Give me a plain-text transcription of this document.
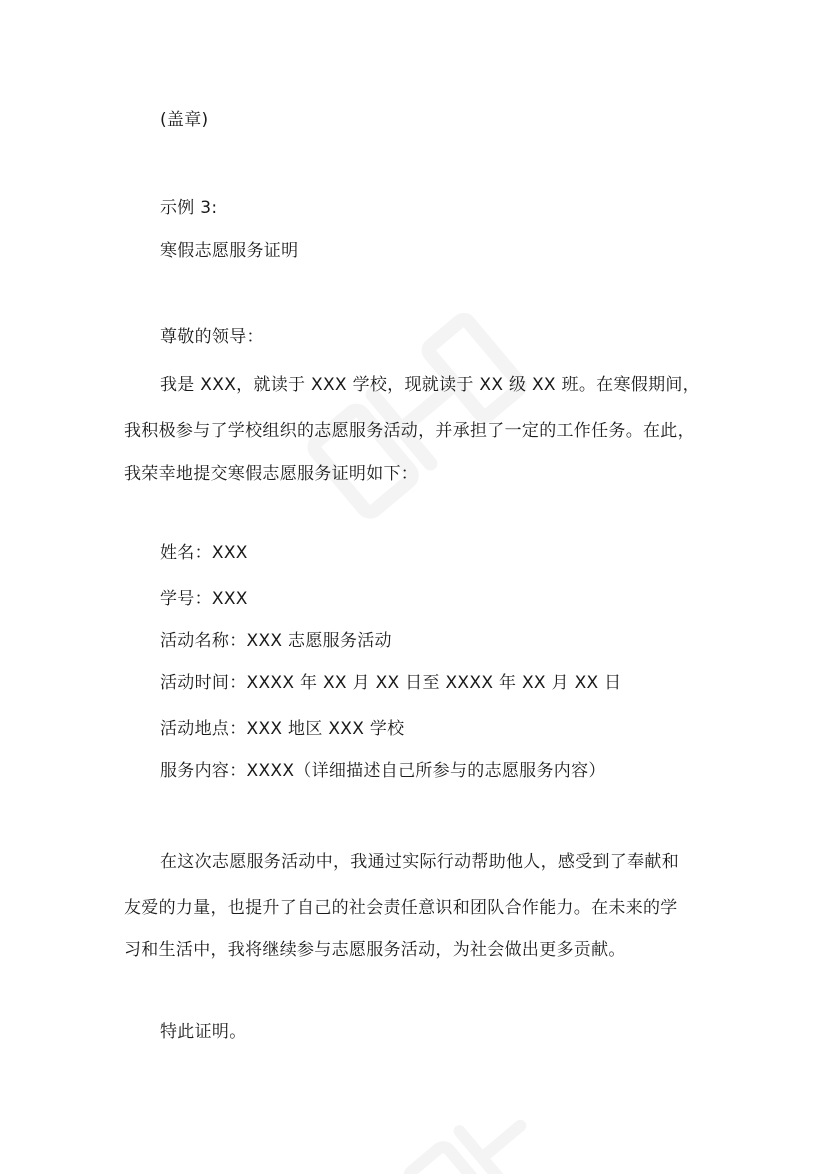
(盖章)
示例 3:
寒假志愿服务证明
尊敬的领导：
我是 XXX，就读于 XXX 学校，现就读于 XX 级 XX 班。在寒假期间，
我积极参与了学校组织的志愿服务活动，并承担了一定的工作任务。在此，
我荣幸地提交寒假志愿服务证明如下：
姓名：XXX
学号：XXX
活动名称：XXX 志愿服务活动
活动时间：XXXX 年 XX 月 XX 日至 XXXX 年 XX 月 XX 日
活动地点：XXX 地区 XXX 学校
服务内容：XXXX（详细描述自己所参与的志愿服务内容）
在这次志愿服务活动中，我通过实际行动帮助他人，感受到了奉献和
友爱的力量，也提升了自己的社会责任意识和团队合作能力。在未来的学
习和生活中，我将继续参与志愿服务活动，为社会做出更多贡献。
特此证明。
